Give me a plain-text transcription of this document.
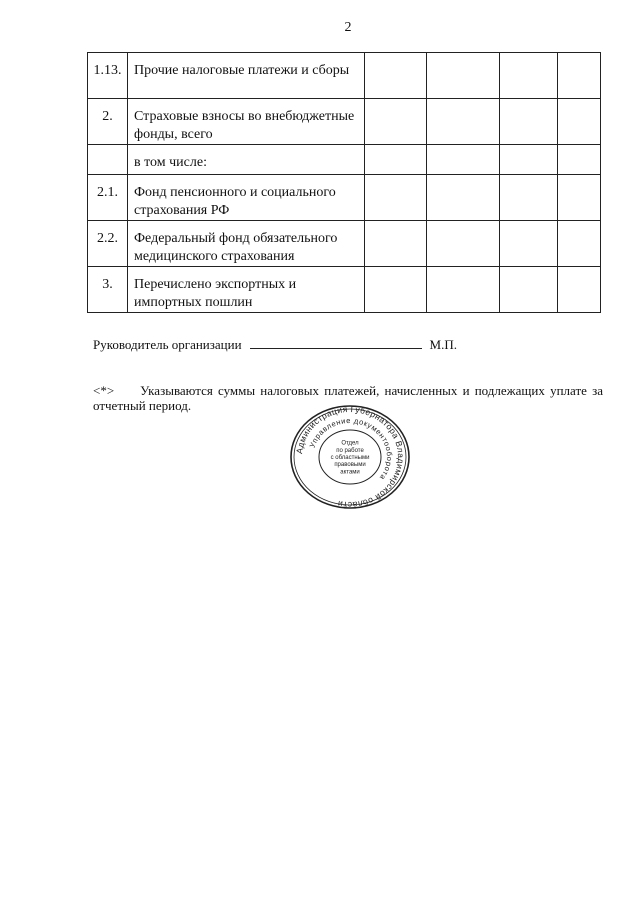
2
1.13.	Прочие налоговые платежи и сборы				
2.	Страховые взносы во внебюджетные фонды, всего				
	в том числе:				
2.1.	Фонд пенсионного и социального страхования РФ				
2.2.	Федеральный фонд обязательного медицинского страхования				
3.	Перечислено экспортных и импортных пошлин				
Руководитель организации	М.П.
<*> Указываются суммы налоговых платежей, начисленных и подлежащих уплате за отчетный период.
Администрация Губернатора Владимирской области
Управление документооборота
Отдел
по работе
с областными
правовыми
актами
